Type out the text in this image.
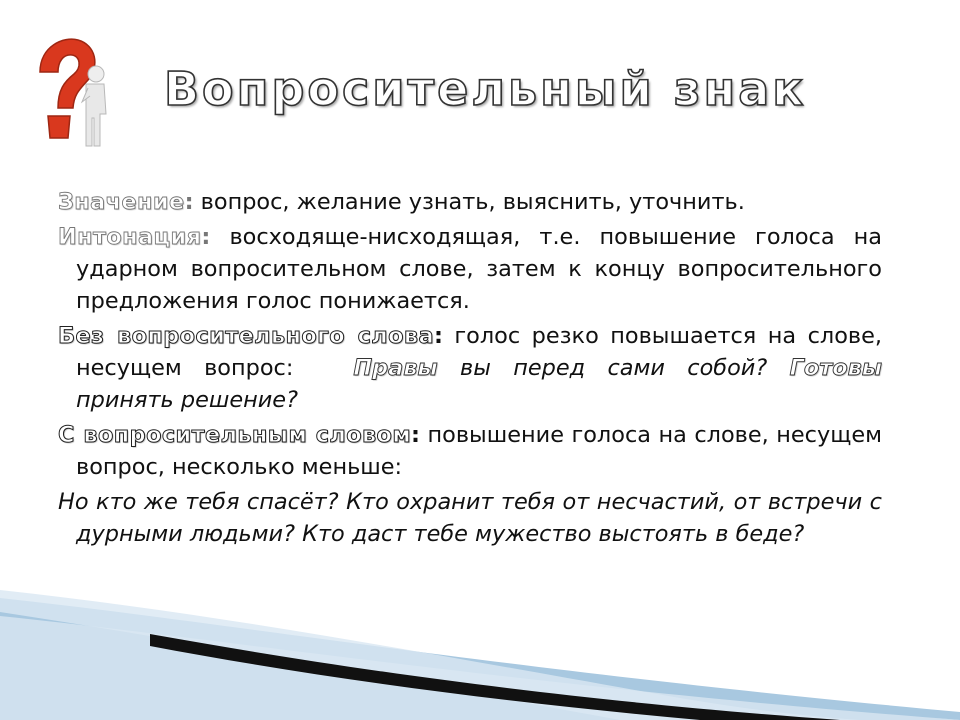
Вопросительный знак

Значение: вопрос, желание узнать, выяснить, уточнить.

Интонация: восходяще-нисходящая, т.е. повышение голоса на ударном вопросительном слове, затем к концу вопросительного предложения голос понижается.

Без вопросительного слова: голос резко повышается на слове, несущем вопрос:	Правы вы перед сами собой? Готовы принять решение?

С вопросительным словом: повышение голоса на слове, несущем вопрос, несколько меньше:

Но кто же тебя спасёт? Кто охранит тебя от несчастий, от встречи с дурными людьми? Кто даст тебе мужество выстоять в беде?
